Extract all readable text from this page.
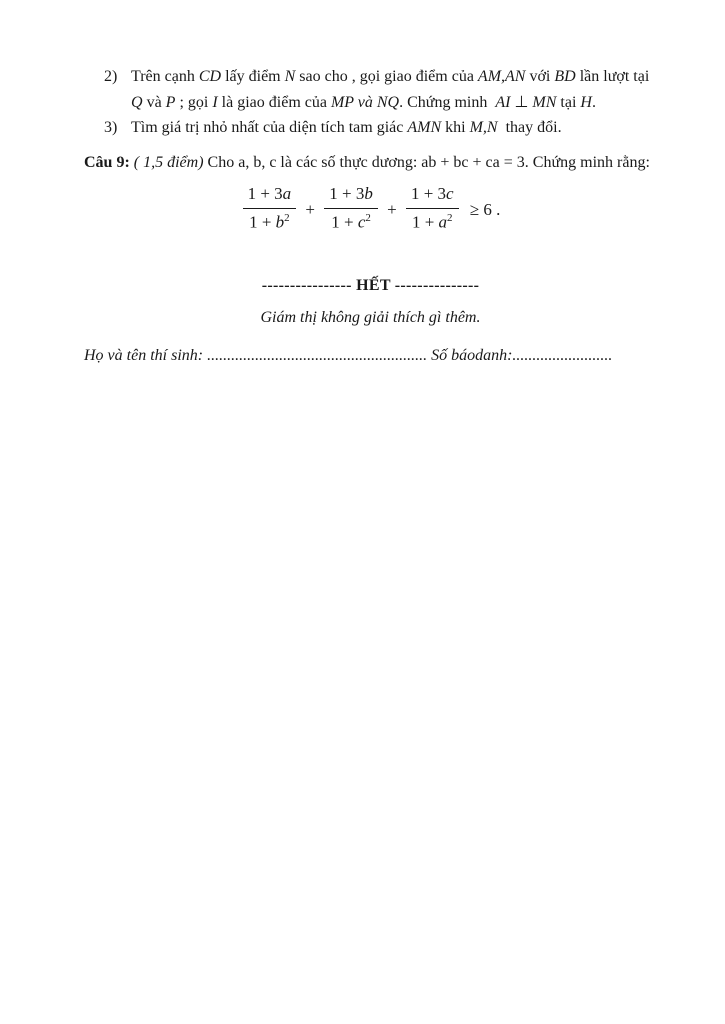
2) Trên cạnh CD lấy điểm N sao cho , gọi giao điểm của AM,AN với BD lần lượt tại Q và P ; gọi I là giao điểm của MP và NQ. Chứng minh  AI ⊥ MN tại H.
3) Tìm giá trị nhỏ nhất của diện tích tam giác AMN khi M,N  thay đổi.

Câu 9: ( 1,5 điểm) Cho a, b, c là các số thực dương: ab + bc + ca = 3. Chứng minh rằng:

$\frac{1 + 3a}{1 + b^2} + \frac{1 + 3b}{1 + c^2} + \frac{1 + 3c}{1 + a^2} \ge 6$ .
---------------- HẾT ---------------
Giám thị không giải thích gì thêm.
Họ và tên thí sinh: ....................................................... Số báodanh:.........................
